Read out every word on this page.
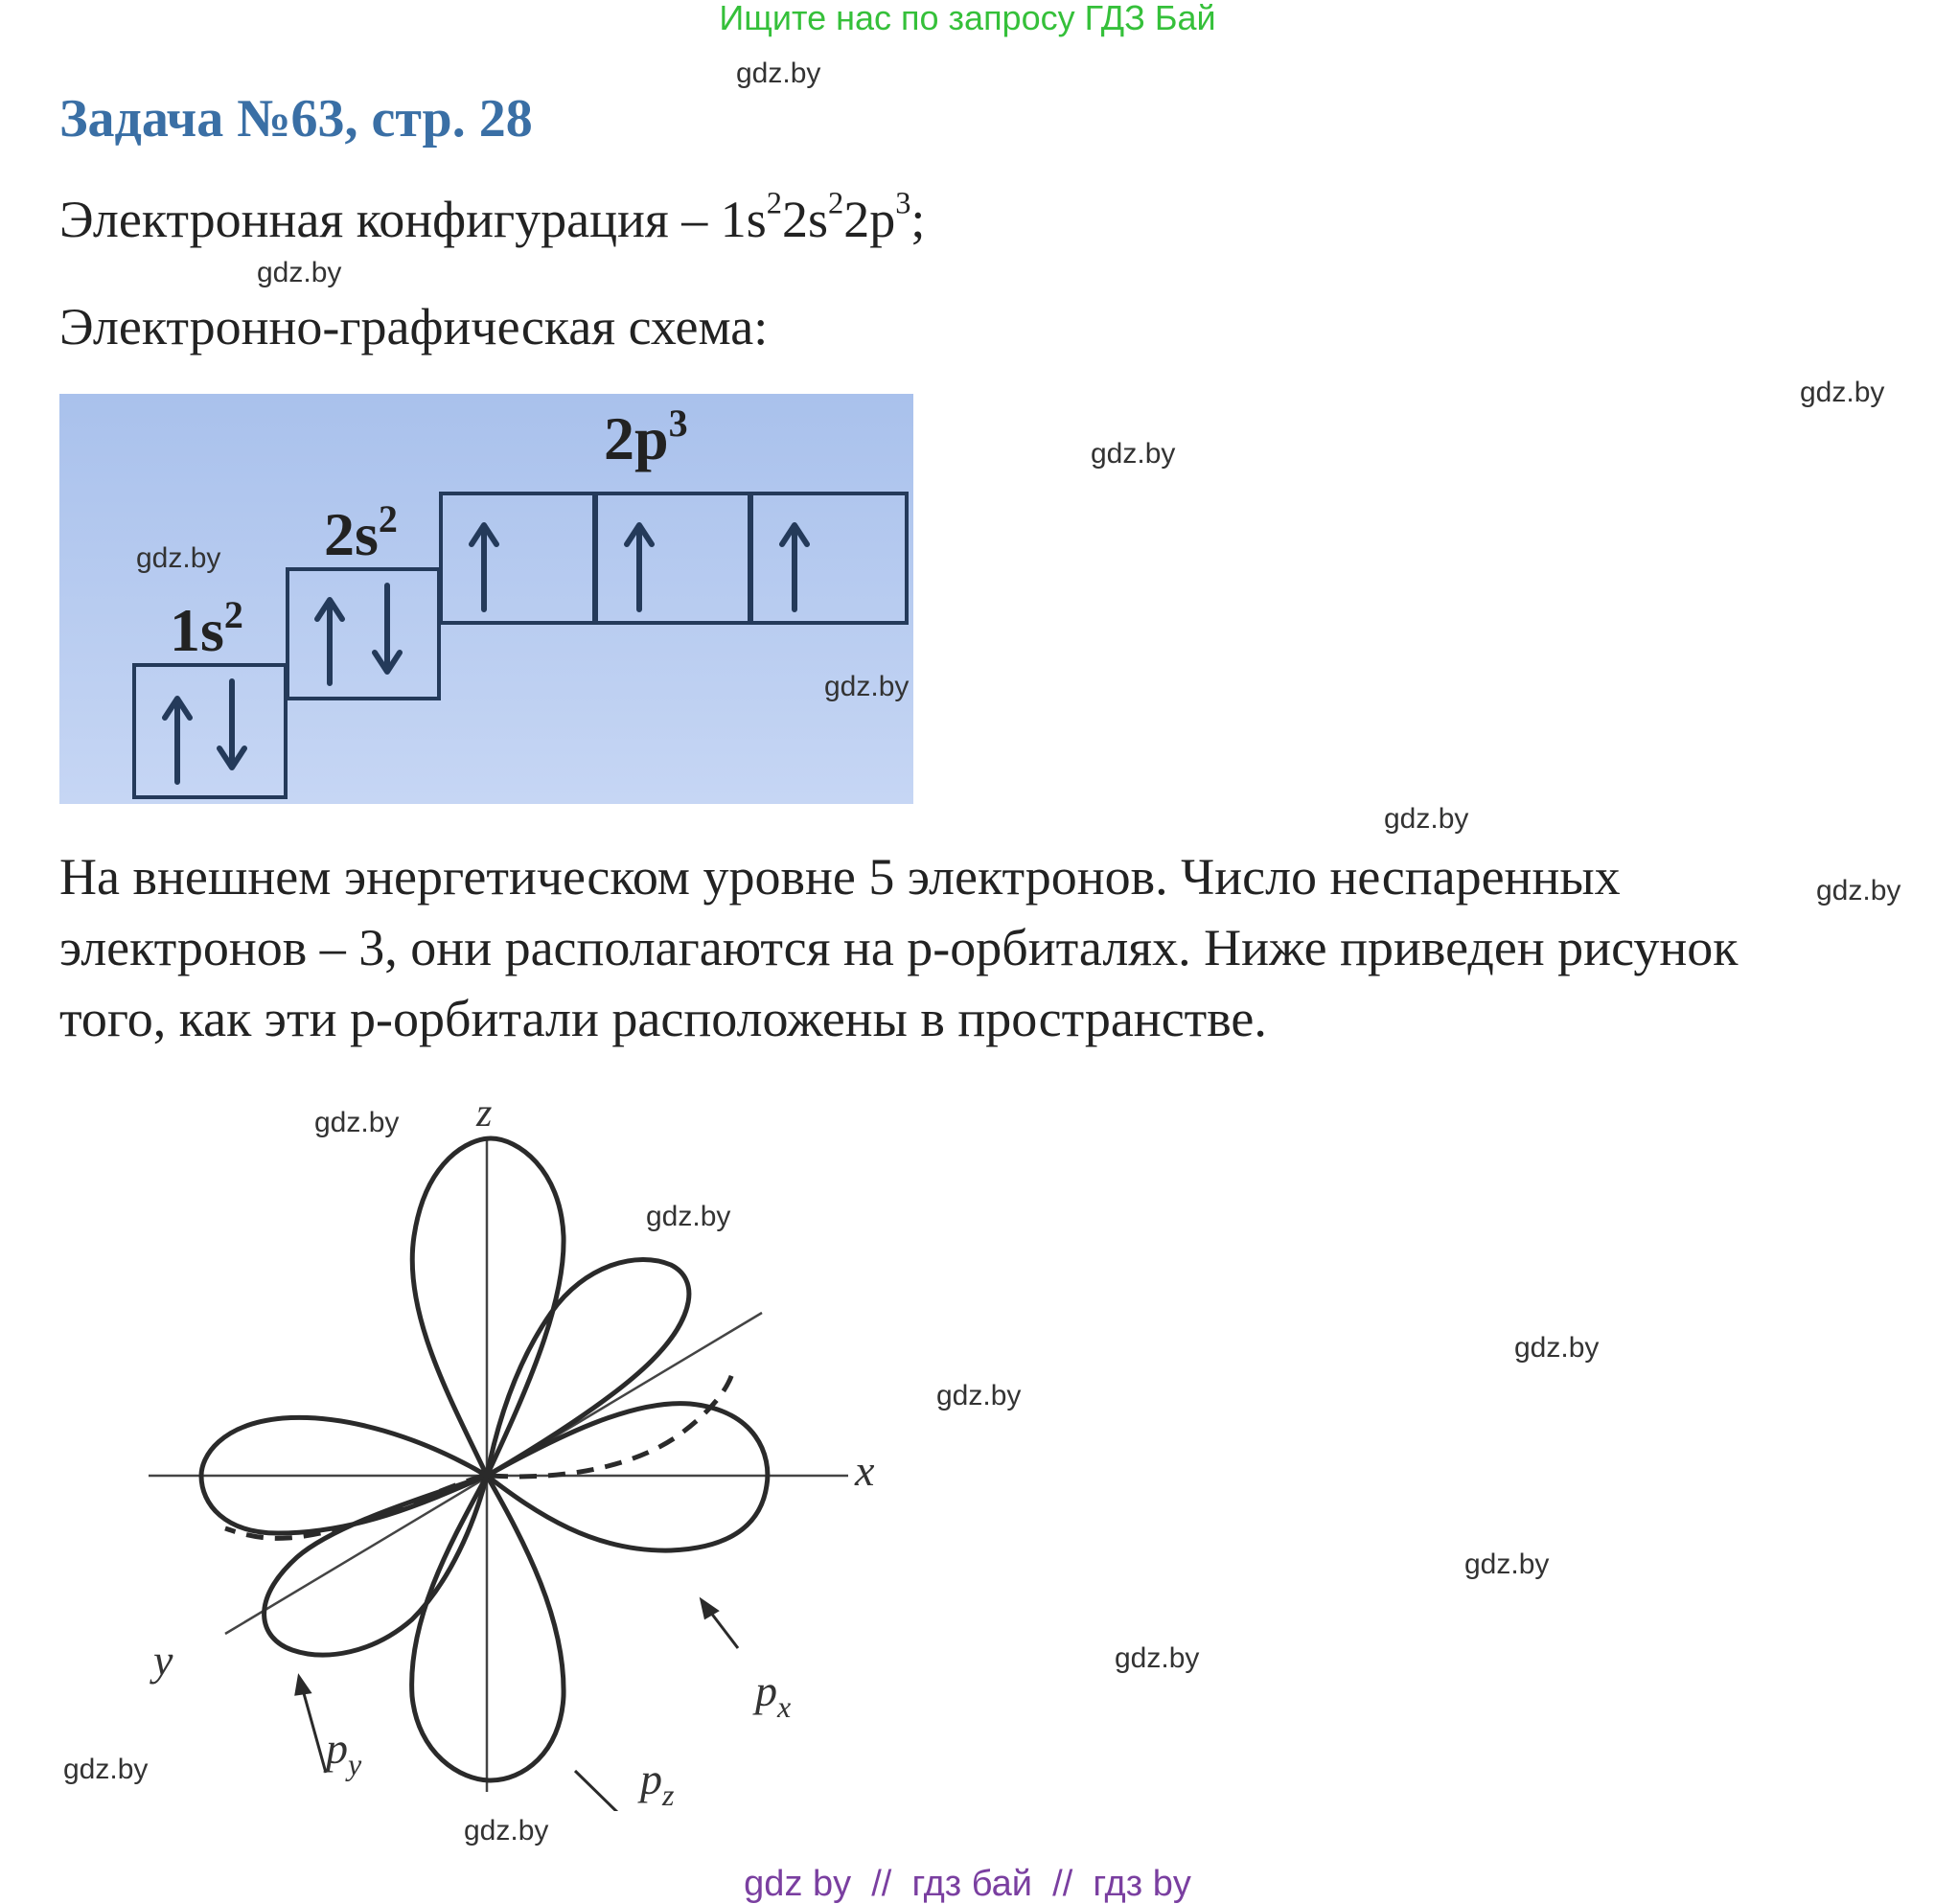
Ищите нас по запросу ГДЗ Бай
Задача №63, стр. 28
Электронная конфигурация – $1s^22s^22p^3$;
Электронно-графическая схема:
$1s^2$
$2s^2$
$2p^3$
На внешнем энергетическом уровне 5 электронов. Число неспаренных
электронов – 3, они располагаются на p-орбиталях. Ниже приведен рисунок
того, как эти p-орбитали расположены в пространстве.
z
x
y
$p_x$
$p_y$	$p_z$
gdz.by
gdz.by
gdz.by
gdz.by
gdz.by
gdz.by
gdz.by
gdz.by
gdz.by
gdz.by
gdz.by
gdz.by
gdz.by
gdz.by
gdz.by
gdz.by
gdz by  //  гдз бай  //  гдз by
